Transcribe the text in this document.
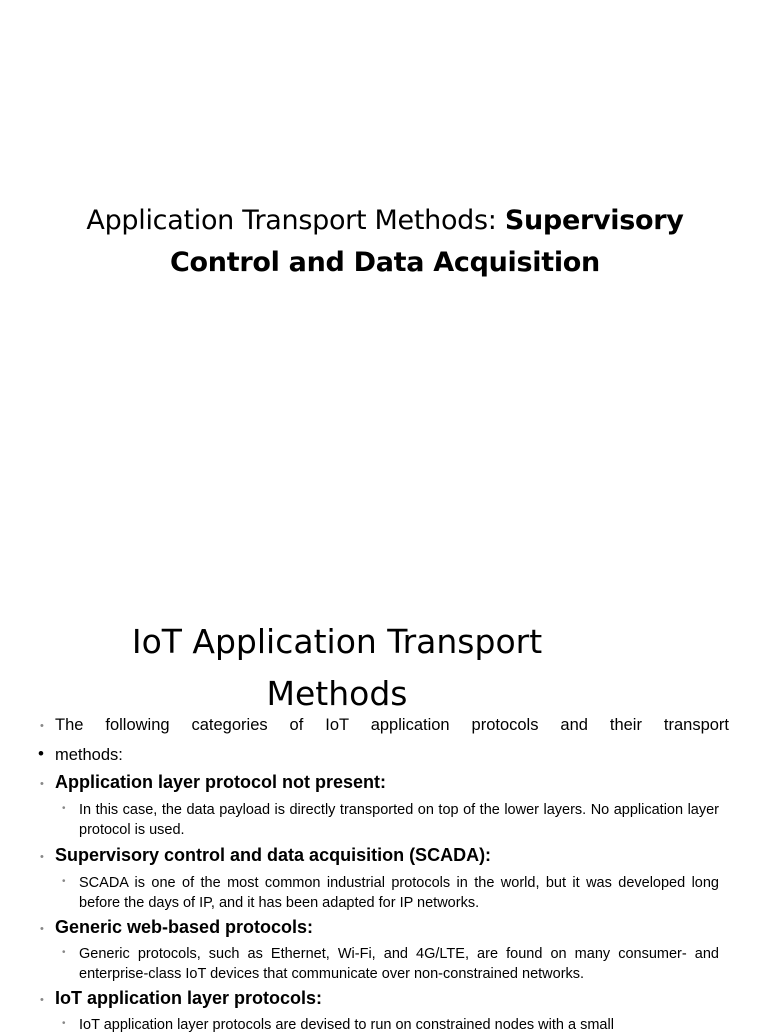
Application Transport Methods: Supervisory Control and Data Acquisition
IoT Application Transport Methods
• The following categories of IoT application protocols and their transport
• methods:
• Application layer protocol not present:
• In this case, the data payload is directly transported on top of the lower layers. No application layer protocol is used.
• Supervisory control and data acquisition (SCADA):
• SCADA is one of the most common industrial protocols in the world, but it was developed long before the days of IP, and it has been adapted for IP networks.
• Generic web-based protocols:
• Generic protocols, such as Ethernet, Wi-Fi, and 4G/LTE, are found on many consumer- and enterprise-class IoT devices that communicate over non-constrained networks.
• IoT application layer protocols:
• IoT application layer protocols are devised to run on constrained nodes with a small
